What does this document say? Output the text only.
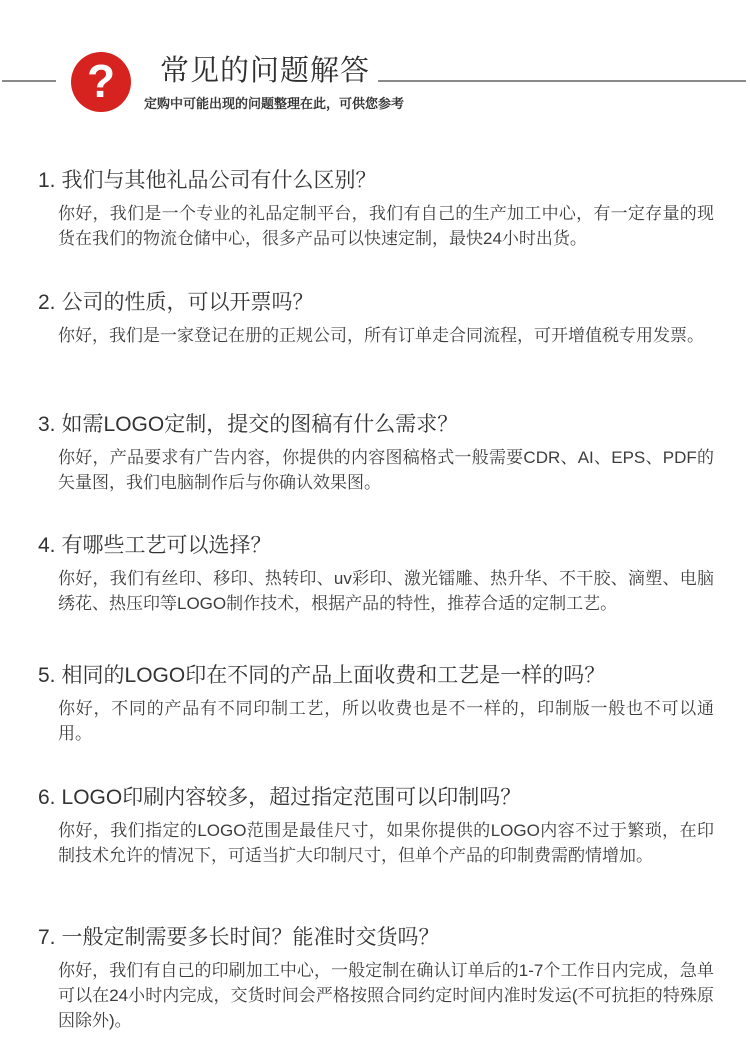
? 常见的问题解答
定购中可能出现的问题整理在此，可供您参考
1. 我们与其他礼品公司有什么区别？
你好，我们是一个专业的礼品定制平台，我们有自己的生产加工中心，有一定存量的现货在我们的物流仓储中心，很多产品可以快速定制，最快24小时出货。
2. 公司的性质，可以开票吗？
你好，我们是一家登记在册的正规公司，所有订单走合同流程，可开增值税专用发票。
3. 如需LOGO定制，提交的图稿有什么需求？
你好，产品要求有广告内容，你提供的内容图稿格式一般需要CDR、AI、EPS、PDF的矢量图，我们电脑制作后与你确认效果图。
4. 有哪些工艺可以选择？
你好，我们有丝印、移印、热转印、uv彩印、激光镭雕、热升华、不干胶、滴塑、电脑绣花、热压印等LOGO制作技术，根据产品的特性，推荐合适的定制工艺。
5. 相同的LOGO印在不同的产品上面收费和工艺是一样的吗？
你好，不同的产品有不同印制工艺，所以收费也是不一样的，印制版一般也不可以通用。
6. LOGO印刷内容较多，超过指定范围可以印制吗？
你好，我们指定的LOGO范围是最佳尺寸，如果你提供的LOGO内容不过于繁琐，在印制技术允许的情况下，可适当扩大印制尺寸，但单个产品的印制费需酌情增加。
7. 一般定制需要多长时间？能准时交货吗？
你好，我们有自己的印刷加工中心，一般定制在确认订单后的1-7个工作日内完成，急单可以在24小时内完成，交货时间会严格按照合同约定时间内准时发运(不可抗拒的特殊原因除外)。
